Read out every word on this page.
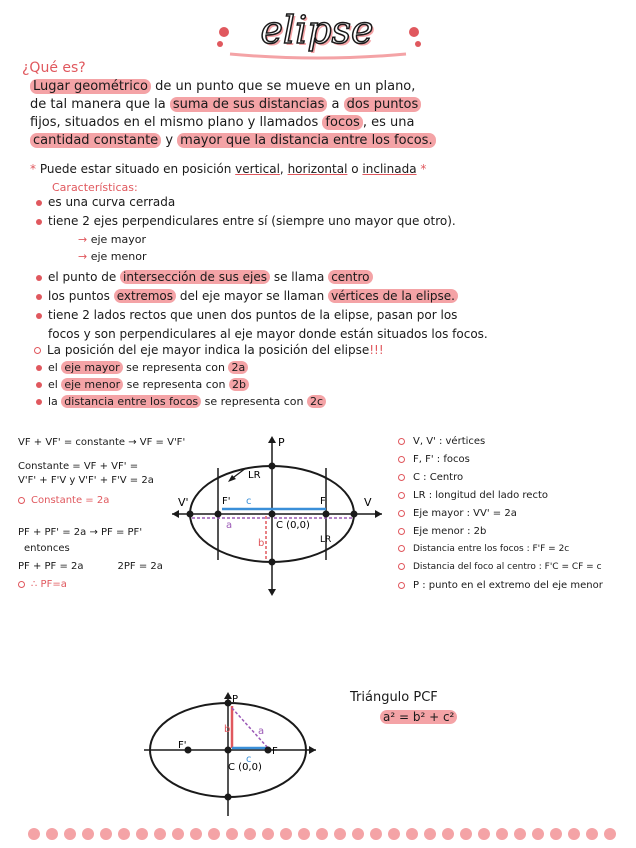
elipse
¿Qué es?
Lugar geométrico de un punto que se mueve en un plano,
de tal manera que la suma de sus distancias a dos puntos
fijos, situados en el mismo plano y llamados focos , es una
cantidad constante y mayor que la distancia entre los focos.
* Puede estar situado en posición vertical, horizontal o inclinada *
Características:
es una curva cerrada
tiene 2 ejes perpendiculares entre sí (siempre uno mayor que otro).
→ eje mayor
→ eje menor
el punto de intersección de sus ejes se llama centro
los puntos extremos del eje mayor se llaman vértices de la elipse.
tiene 2 lados rectos que unen dos puntos de la elipse, pasan por los
focos y son perpendiculares al eje mayor donde están situados los focos.
La posición del eje mayor indica la posición del elipse!!!
el eje mayor se representa con 2a
el eje menor se representa con 2b
la distancia entre los focos se representa con 2c
VF + VF' = constante → VF = V'F'
Constante = VF + VF' =
V'F' + F'V y V'F' + F'V = 2a
Constante = 2a
PF + PF' = 2a → PF = PF'
entonces
PF + PF = 2a	2PF = 2a
∴ PF=a
P
V
V'	F
F'
C (0,0)
LR
LR
c
a
b
V, V' : vértices
F, F' : focos
C : Centro
LR : longitud del lado recto
Eje mayor : VV' = 2a
Eje menor : 2b
Distancia entre los focos : F'F = 2c
Distancia del foco al centro : F'C = CF = c
P : punto en el extremo del eje menor
P
F
F'
C (0,0)
a
b
c
Triángulo PCF
a² = b² + c²
